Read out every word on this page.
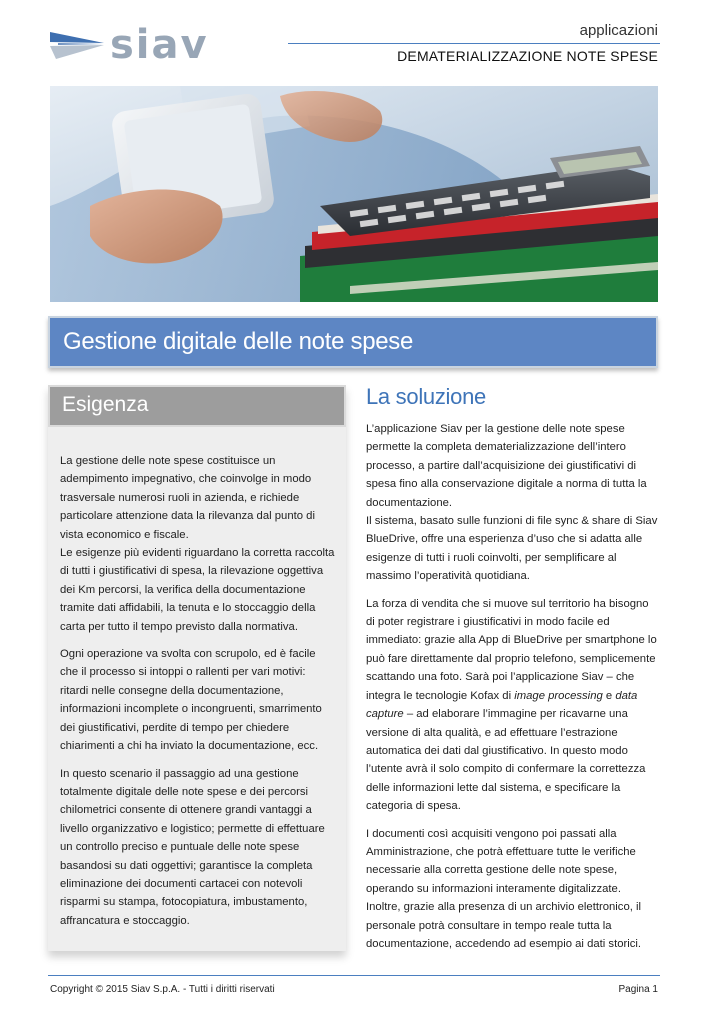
siav	applicazioni
DEMATERIALIZZAZIONE NOTE SPESE
Gestione digitale delle note spese
Esigenza

La gestione delle note spese costituisce un adempimento impegnativo, che coinvolge in modo trasversale numerosi ruoli in azienda, e richiede particolare attenzione data la rilevanza dal punto di vista economico e fiscale.

Le esigenze più evidenti riguardano la corretta raccolta di tutti i giustificativi di spesa, la rilevazione oggettiva dei Km percorsi, la verifica della documentazione tramite dati affidabili, la tenuta e lo stoccaggio della carta per tutto il tempo previsto dalla normativa.

Ogni operazione va svolta con scrupolo, ed è facile che il processo si intoppi o rallenti per vari motivi: ritardi nelle consegne della documentazione, informazioni incomplete o incongruenti, smarrimento dei giustificativi, perdite di tempo per chiedere chiarimenti a chi ha inviato la documentazione, ecc.

In questo scenario il passaggio ad una gestione totalmente digitale delle note spese e dei percorsi chilometrici consente di ottenere grandi vantaggi a livello organizzativo e logistico; permette di effettuare un controllo preciso e puntuale delle note spese basandosi su dati oggettivi; garantisce la completa eliminazione dei documenti cartacei con notevoli risparmi su stampa, fotocopiatura, imbustamento, affrancatura e stoccaggio.

La soluzione

L’applicazione Siav per la gestione delle note spese permette la completa dematerializzazione dell’intero processo, a partire dall’acquisizione dei giustificativi di spesa fino alla conservazione digitale a norma di tutta la documentazione.

Il sistema, basato sulle funzioni di file sync & share di Siav BlueDrive, offre una esperienza d’uso che si adatta alle esigenze di tutti i ruoli coinvolti, per semplificare al massimo l’operatività quotidiana.

La forza di vendita che si muove sul territorio ha bisogno di poter registrare i giustificativi in modo facile ed immediato: grazie alla App di BlueDrive per smartphone lo può fare direttamente dal proprio telefono, semplicemente scattando una foto. Sarà poi l’applicazione Siav – che integra le tecnologie Kofax di image processing e data capture – ad elaborare l’immagine per ricavarne una versione di alta qualità, e ad effettuare l’estrazione automatica dei dati dal giustificativo. In questo modo l’utente avrà il solo compito di confermare la correttezza delle informazioni lette dal sistema, e specificare la categoria di spesa.

I documenti così acquisiti vengono poi passati alla Amministrazione, che potrà effettuare tutte le verifiche necessarie alla corretta gestione delle note spese, operando su informazioni interamente digitalizzate.

Inoltre, grazie alla presenza di un archivio elettronico, il personale potrà consultare in tempo reale tutta la documentazione, accedendo ad esempio ai dati storici.

Copyright © 2015 Siav S.p.A. - Tutti i diritti riservati	Pagina 1
